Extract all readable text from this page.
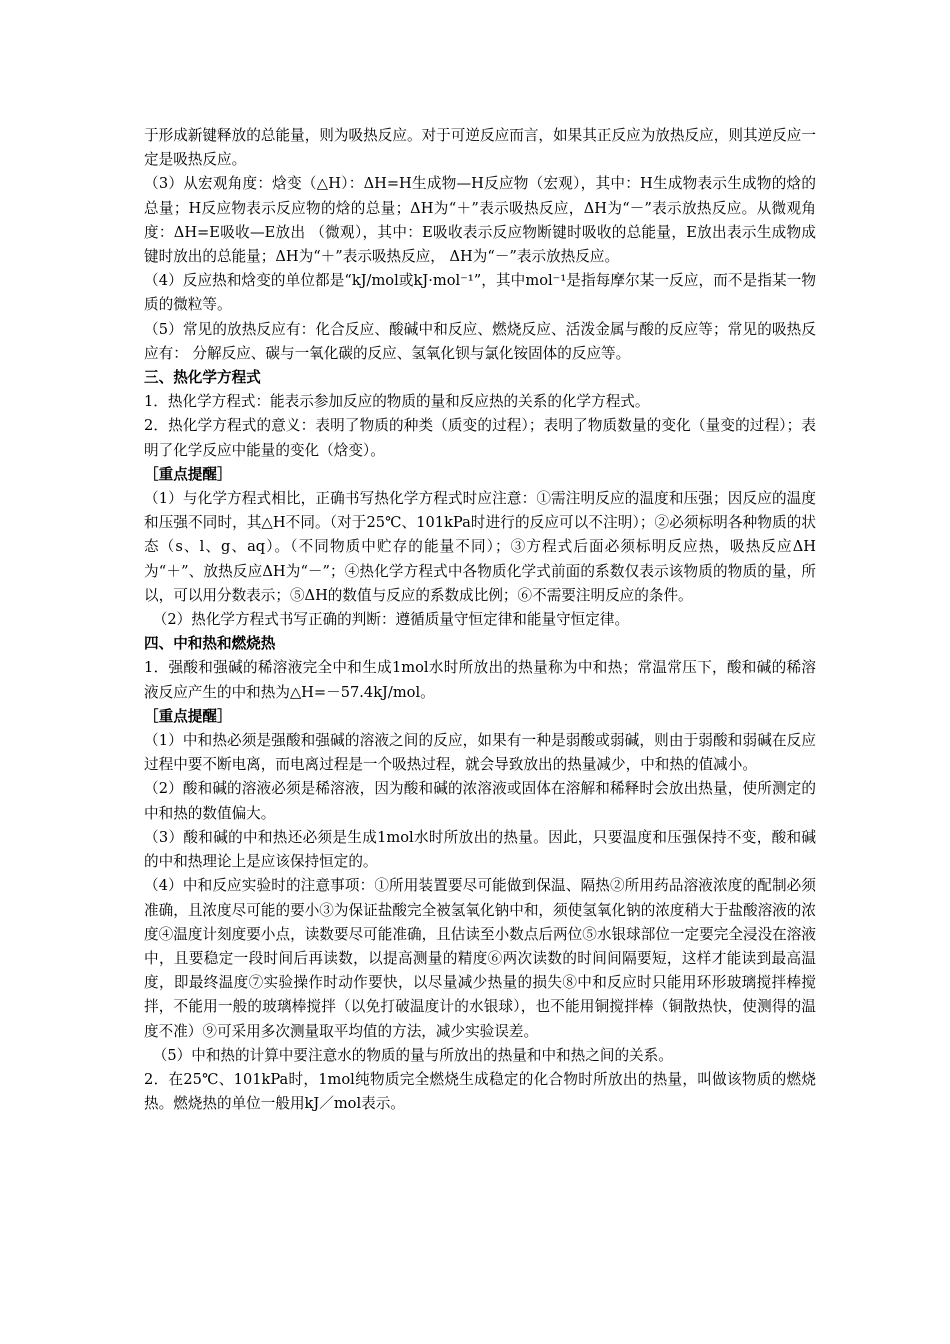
于形成新键释放的总能量，则为吸热反应。对于可逆反应而言，如果其正反应为放热反应，则其逆反应一定是吸热反应。

（3）从宏观角度：焓变（△H）：ΔH=H生成物—H反应物（宏观），其中：H生成物表示生成物的焓的总量；H反应物表示反应物的焓的总量；ΔH为“＋”表示吸热反应，ΔH为“－”表示放热反应。从微观角度：ΔH=E吸收—E放出 （微观），其中：E吸收表示反应物断键时吸收的总能量，E放出表示生成物成键时放出的总能量；ΔH为“＋”表示吸热反应， ΔH为“－”表示放热反应。

（4）反应热和焓变的单位都是“kJ/mol或kJ·mol⁻¹”，其中mol⁻¹是指每摩尔某一反应，而不是指某一物质的微粒等。

（5）常见的放热反应有：化合反应、酸碱中和反应、燃烧反应、活泼金属与酸的反应等；常见的吸热反应有： 分解反应、碳与一氧化碳的反应、氢氧化钡与氯化铵固体的反应等。

三、热化学方程式

1．热化学方程式：能表示参加反应的物质的量和反应热的关系的化学方程式。

2．热化学方程式的意义：表明了物质的种类（质变的过程）；表明了物质数量的变化（量变的过程）；表明了化学反应中能量的变化（焓变）。

［重点提醒］

（1）与化学方程式相比，正确书写热化学方程式时应注意：①需注明反应的温度和压强；因反应的温度和压强不同时，其△H不同。（对于25℃、101kPa时进行的反应可以不注明）；②必须标明各种物质的状态（s、l、g、aq）。（不同物质中贮存的能量不同）；③方程式后面必须标明反应热，吸热反应ΔH为“＋”、放热反应ΔH为“－”；④热化学方程式中各物质化学式前面的系数仅表示该物质的物质的量，所以，可以用分数表示；⑤ΔH的数值与反应的系数成比例；⑥不需要注明反应的条件。

（2）热化学方程式书写正确的判断：遵循质量守恒定律和能量守恒定律。

四、中和热和燃烧热

1．强酸和强碱的稀溶液完全中和生成1mol水时所放出的热量称为中和热；常温常压下，酸和碱的稀溶液反应产生的中和热为△H=－57.4kJ/mol。

［重点提醒］

（1）中和热必须是强酸和强碱的溶液之间的反应，如果有一种是弱酸或弱碱，则由于弱酸和弱碱在反应过程中要不断电离，而电离过程是一个吸热过程，就会导致放出的热量减少，中和热的值减小。

（2）酸和碱的溶液必须是稀溶液，因为酸和碱的浓溶液或固体在溶解和稀释时会放出热量，使所测定的中和热的数值偏大。

（3）酸和碱的中和热还必须是生成1mol水时所放出的热量。因此，只要温度和压强保持不变，酸和碱的中和热理论上是应该保持恒定的。

（4）中和反应实验时的注意事项：①所用装置要尽可能做到保温、隔热②所用药品溶液浓度的配制必须准确，且浓度尽可能的要小③为保证盐酸完全被氢氧化钠中和，须使氢氧化钠的浓度稍大于盐酸溶液的浓度④温度计刻度要小点，读数要尽可能准确，且估读至小数点后两位⑤水银球部位一定要完全浸没在溶液中，且要稳定一段时间后再读数，以提高测量的精度⑥两次读数的时间间隔要短，这样才能读到最高温度，即最终温度⑦实验操作时动作要快，以尽量减少热量的损失⑧中和反应时只能用环形玻璃搅拌棒搅拌，不能用一般的玻璃棒搅拌（以免打破温度计的水银球），也不能用铜搅拌棒（铜散热快，使测得的温度不准）⑨可采用多次测量取平均值的方法，减少实验误差。

（5）中和热的计算中要注意水的物质的量与所放出的热量和中和热之间的关系。

2．在25℃、101kPa时，1mol纯物质完全燃烧生成稳定的化合物时所放出的热量，叫做该物质的燃烧热。燃烧热的单位一般用kJ／mol表示。
